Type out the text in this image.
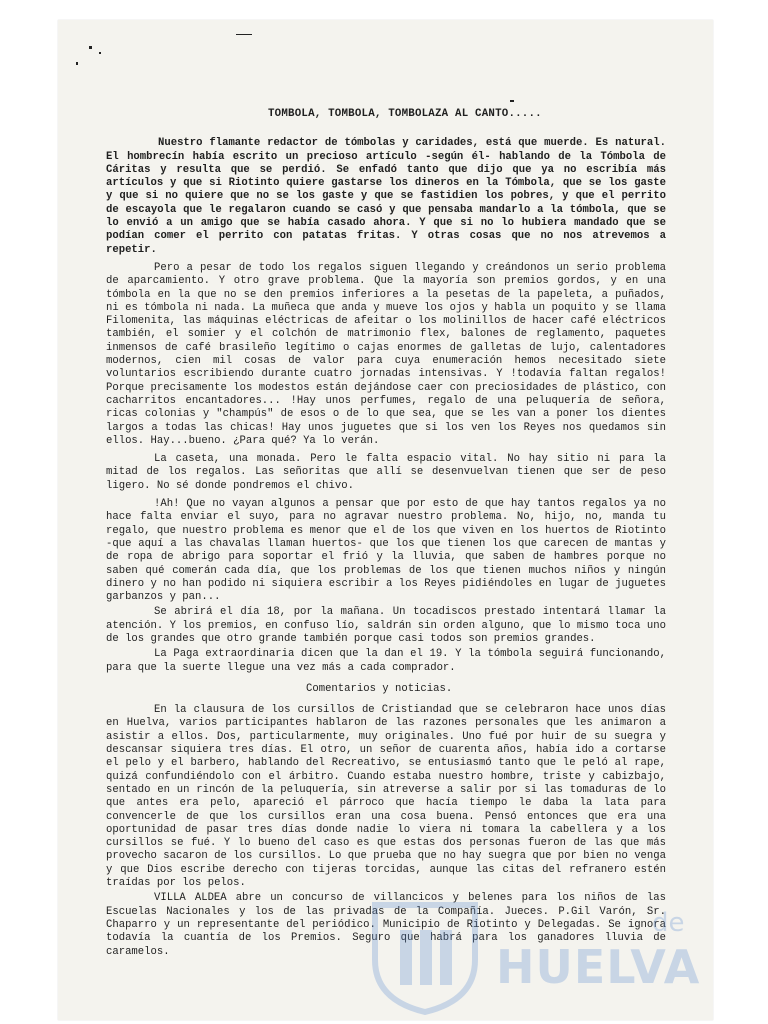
TOMBOLA, TOMBOLA, TOMBOLAZA AL CANTO.....

Nuestro flamante redactor de tómbolas y caridades, está que muerde. Es natural. El hombrecín había escrito un precioso artículo -según él- hablando de la Tómbola de Cáritas y resulta que se perdió. Se enfadó tanto que dijo que ya no escribía más artículos y que si Riotinto quiere gastarse los dineros en la Tómbola, que se los gaste y que si no quiere que no se los gaste y que se fastidien los pobres, y que el perrito de escayola que le regalaron cuando se casó y que pensaba mandarlo a la tómbola, que se lo envió a un amigo que se había casado ahora. Y que si no lo hubiera mandado que se podían comer el perrito con patatas fritas. Y otras cosas que no nos atrevemos a repetir.

Pero a pesar de todo los regalos siguen llegando y creándonos un serio problema de aparcamiento. Y otro grave problema. Que la mayoría son premios gordos, y en una tómbola en la que no se den premios inferiores a la pesetas de la papeleta, a puñados, ni es tómbola ni nada. La muñeca que anda y mueve los ojos y habla un poquito y se llama Filomenita, las máquinas eléctricas de afeitar o los molinillos de hacer café eléctricos también, el somier y el colchón de matrimonio flex, balones de reglamento, paquetes inmensos de café brasileño legítimo o cajas enormes de galletas de lujo, calentadores modernos, cien mil cosas de valor para cuya enumeración hemos necesitado siete voluntarios escribiendo durante cuatro jornadas intensivas. Y !todavía faltan regalos! Porque precisamente los modestos están dejándose caer con preciosidades de plástico, con cacharritos encantadores... !Hay unos perfumes, regalo de una peluquería de señora, ricas colonias y "champús" de esos o de lo que sea, que se les van a poner los dientes largos a todas las chicas! Hay unos juguetes que si los ven los Reyes nos quedamos sin ellos. Hay...bueno. ¿Para qué? Ya lo verán.

La caseta, una monada. Pero le falta espacio vital. No hay sitio ni para la mitad de los regalos. Las señoritas que allí se desenvuelvan tienen que ser de peso ligero. No sé donde pondremos el chivo.

!Ah! Que no vayan algunos a pensar que por esto de que hay tantos regalos ya no hace falta enviar el suyo, para no agravar nuestro problema. No, hijo, no, manda tu regalo, que nuestro problema es menor que el de los que viven en los huertos de Riotinto -que aquí a las chavalas llaman huertos- que los que tienen los que carecen de mantas y de ropa de abrigo para soportar el frió y la lluvia, que saben de hambres porque no saben qué comerán cada día, que los problemas de los que tienen muchos niños y ningún dinero y no han podido ni siquiera escribir a los Reyes pidiéndoles en lugar de juguetes garbanzos y pan...

Se abrirá el día 18, por la mañana. Un tocadiscos prestado intentará llamar la atención. Y los premios, en confuso lío, saldrán sin orden alguno, que lo mismo toca uno de los grandes que otro grande también porque casi todos son premios grandes.

La Paga extraordinaria dicen que la dan el 19. Y la tómbola seguirá funcionando, para que la suerte llegue una vez más a cada comprador.

Comentarios y noticias.

En la clausura de los cursillos de Cristiandad que se celebraron hace unos días en Huelva, varios participantes hablaron de las razones personales que les animaron a asistir a ellos. Dos, particularmente, muy originales. Uno fué por huir de su suegra y descansar siquiera tres días. El otro, un señor de cuarenta años, había ido a cortarse el pelo y el barbero, hablando del Recreativo, se entusiasmó tanto que le peló al rape, quizá confundiéndolo con el árbitro. Cuando estaba nuestro hombre, triste y cabizbajo, sentado en un rincón de la peluquería, sin atreverse a salir por si las tomaduras de lo que antes era pelo, apareció el párroco que hacía tiempo le daba la lata para convencerle de que los cursillos eran una cosa buena. Pensó entonces que era una oportunidad de pasar tres días donde nadie lo viera ni tomara la cabellera y a los cursillos se fué. Y lo bueno del caso es que estas dos personas fueron de las que más provecho sacaron de los cursillos. Lo que prueba que no hay suegra que por bien no venga y que Dios escribe derecho con tijeras torcidas, aunque las citas del refranero estén traídas por los pelos.

VILLA ALDEA abre un concurso de villancicos y belenes para los niños de las Escuelas Nacionales y los de las privadas de la Compañía. Jueces. P.Gil Varón, Sr. Chaparro y un representante del periódico. Municipio de Riotinto y Delegadas. Se ignora todavía la cuantía de los Premios. Seguro que habrá para los ganadores lluvia de caramelos.

de
HUELVA
